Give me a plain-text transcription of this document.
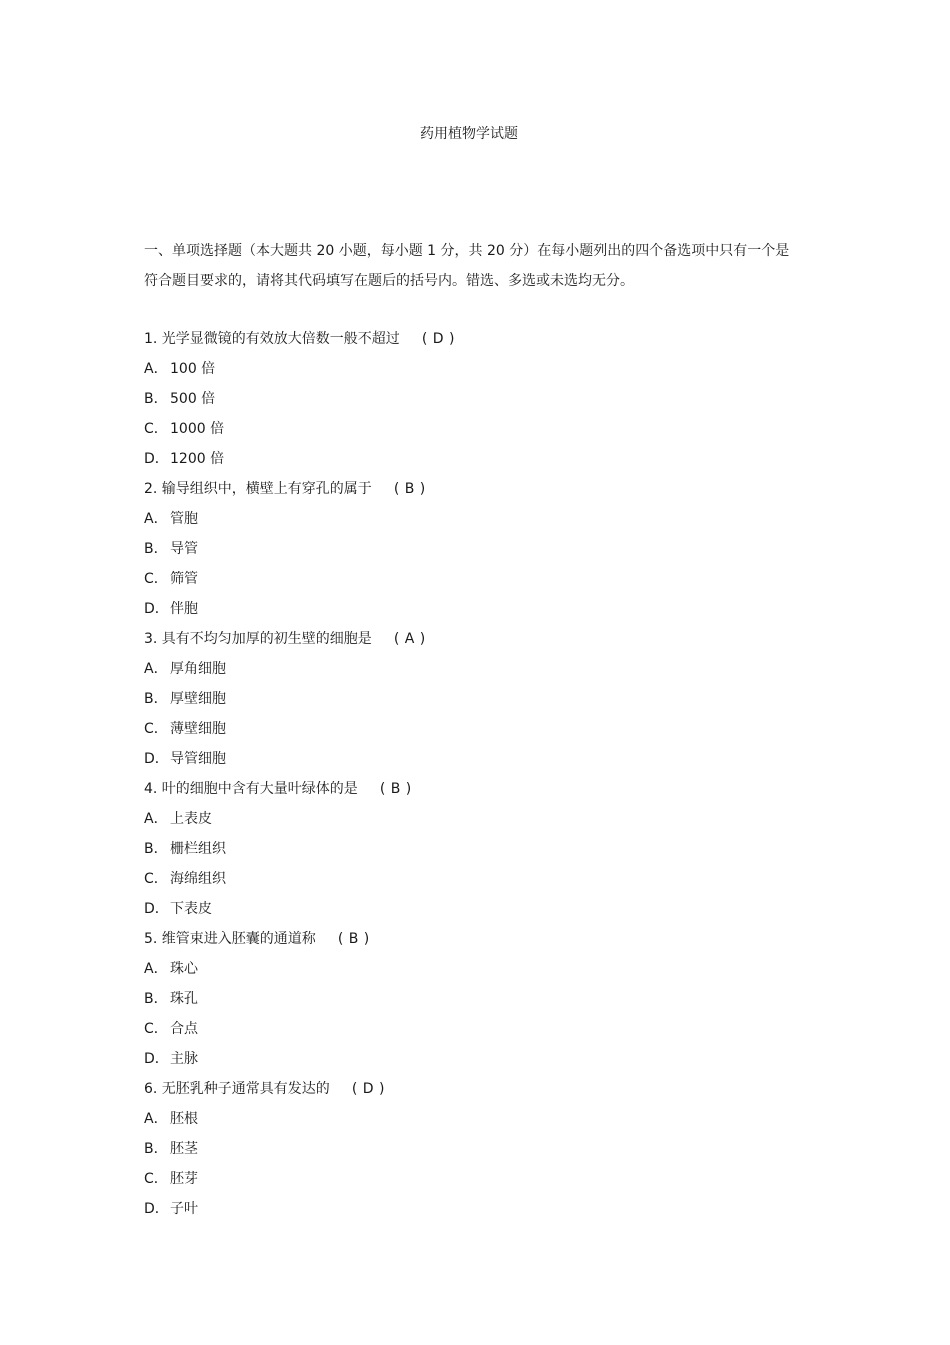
药用植物学试题

一、单项选择题（本大题共 20 小题，每小题 1 分，共 20 分）在每小题列出的四个备选项中只有一个是符合题目要求的，请将其代码填写在题后的括号内。错选、多选或未选均无分。

1. 光学显微镜的有效放大倍数一般不超过 ( D )
A． 100 倍
B． 500 倍
C． 1000 倍
D．1200 倍
2. 输导组织中，横壁上有穿孔的属于 ( B )
A． 管胞
B． 导管
C． 筛管
D．伴胞
3. 具有不均匀加厚的初生壁的细胞是 ( A )
A． 厚角细胞
B． 厚壁细胞
C． 薄壁细胞
D．导管细胞
4. 叶的细胞中含有大量叶绿体的是 ( B )
A． 上表皮
B． 栅栏组织
C． 海绵组织
D．下表皮
5. 维管束进入胚囊的通道称 ( B )
A． 珠心
B． 珠孔
C． 合点
D．主脉
6. 无胚乳种子通常具有发达的 ( D )
A． 胚根
B． 胚茎
C． 胚芽
D．子叶
